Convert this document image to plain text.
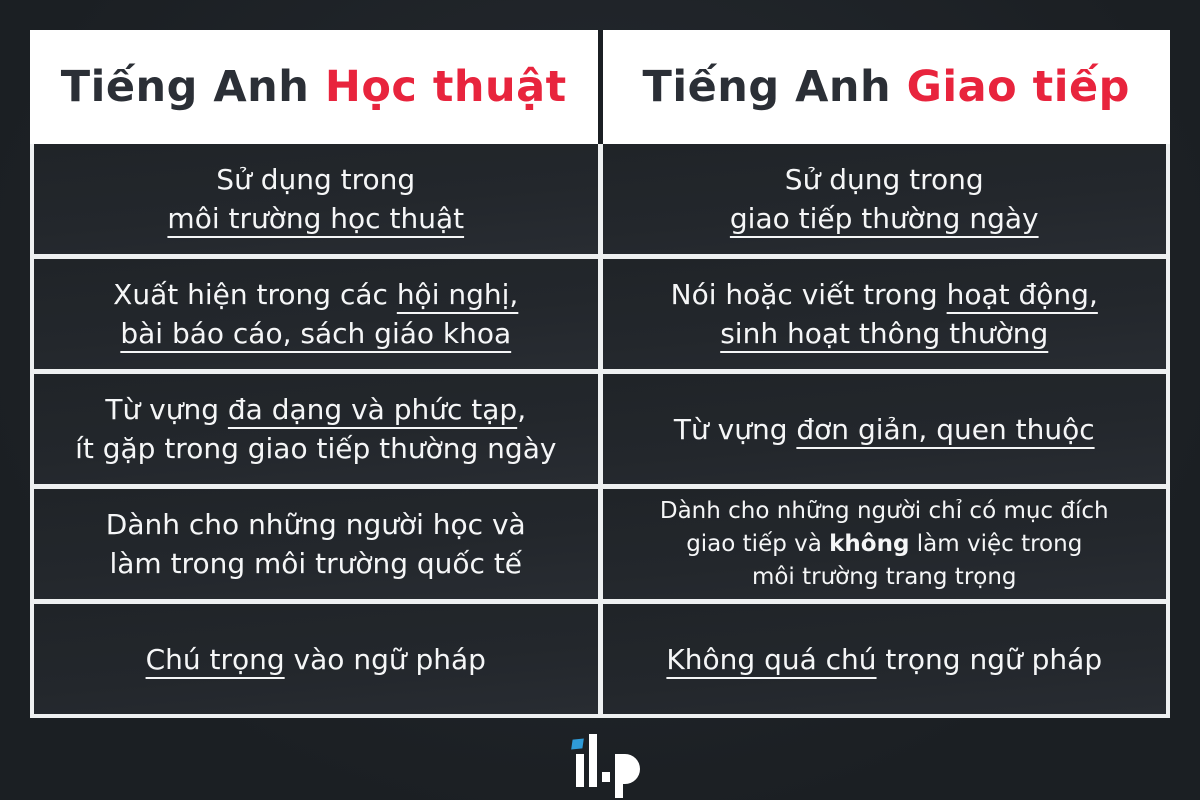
Tiếng Anh Học thuật Tiếng Anh Giao tiếp
Sử dụng trong
môi trường học thuật
Sử dụng trong
giao tiếp thường ngày
Xuất hiện trong các hội nghị,
bài báo cáo, sách giáo khoa
Nói hoặc viết trong hoạt động,
sinh hoạt thông thường
Từ vựng đa dạng và phức tạp,
ít gặp trong giao tiếp thường ngày
Từ vựng đơn giản, quen thuộc
Dành cho những người học và
làm trong môi trường quốc tế
Dành cho những người chỉ có mục đích
giao tiếp và không làm việc trong
môi trường trang trọng
Chú trọng vào ngữ pháp	Không quá chú trọng ngữ pháp
